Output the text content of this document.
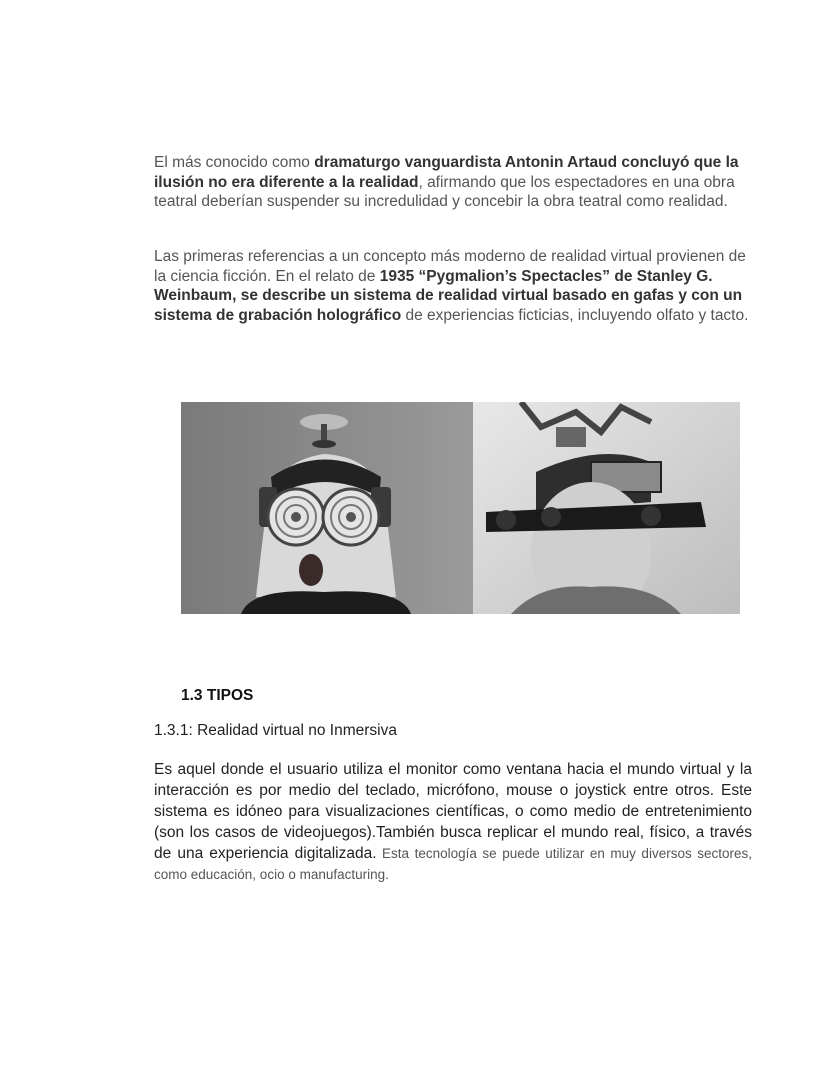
El más conocido como dramaturgo vanguardista Antonin Artaud concluyó que la ilusión no era diferente a la realidad, afirmando que los espectadores en una obra teatral deberían suspender su incredulidad y concebir la obra teatral como realidad.

Las primeras referencias a un concepto más moderno de realidad virtual provienen de la ciencia ficción. En el relato de 1935 “Pygmalion’s Spectacles” de Stanley G. Weinbaum, se describe un sistema de realidad virtual basado en gafas y con un sistema de grabación holográfico de experiencias ficticias, incluyendo olfato y tacto.

1.3 TIPOS
1.3.1: Realidad virtual no Inmersiva

Es aquel donde el usuario utiliza el monitor como ventana hacia el mundo virtual y la interacción es por medio del teclado, micrófono, mouse o joystick entre otros. Este sistema es idóneo para visualizaciones científicas, o como medio de entretenimiento (son los casos de videojuegos).También busca replicar el mundo real, físico, a través de una experiencia digitalizada. Esta tecnología se puede utilizar en muy diversos sectores, como educación, ocio o manufacturing.
